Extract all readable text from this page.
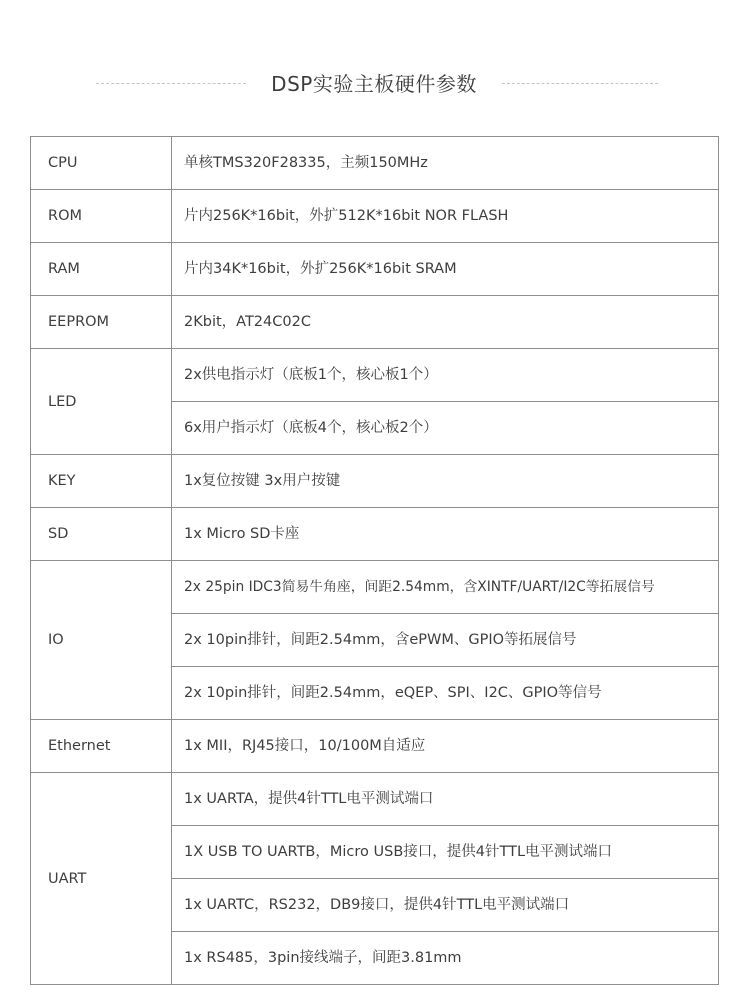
DSP实验主板硬件参数
CPU	单核TMS320F28335，主频150MHz
ROM	片内256K*16bit，外扩512K*16bit NOR FLASH
RAM	片内34K*16bit，外扩256K*16bit SRAM
EEPROM	2Kbit，AT24C02C
LED	2x供电指示灯（底板1个，核心板1个）
	6x用户指示灯（底板4个，核心板2个）
KEY	1x复位按键 3x用户按键
SD	1x Micro SD卡座
IO	2x 25pin IDC3简易牛角座，间距2.54mm，含XINTF/UART/I2C等拓展信号
	2x 10pin排针，间距2.54mm，含ePWM、GPIO等拓展信号
	2x 10pin排针，间距2.54mm，eQEP、SPI、I2C、GPIO等信号
Ethernet	1x MII，RJ45接口，10/100M自适应
UART	1x UARTA，提供4针TTL电平测试端口
	1X USB TO UARTB，Micro USB接口，提供4针TTL电平测试端口
	1x UARTC，RS232，DB9接口，提供4针TTL电平测试端口
	1x RS485，3pin接线端子，间距3.81mm
